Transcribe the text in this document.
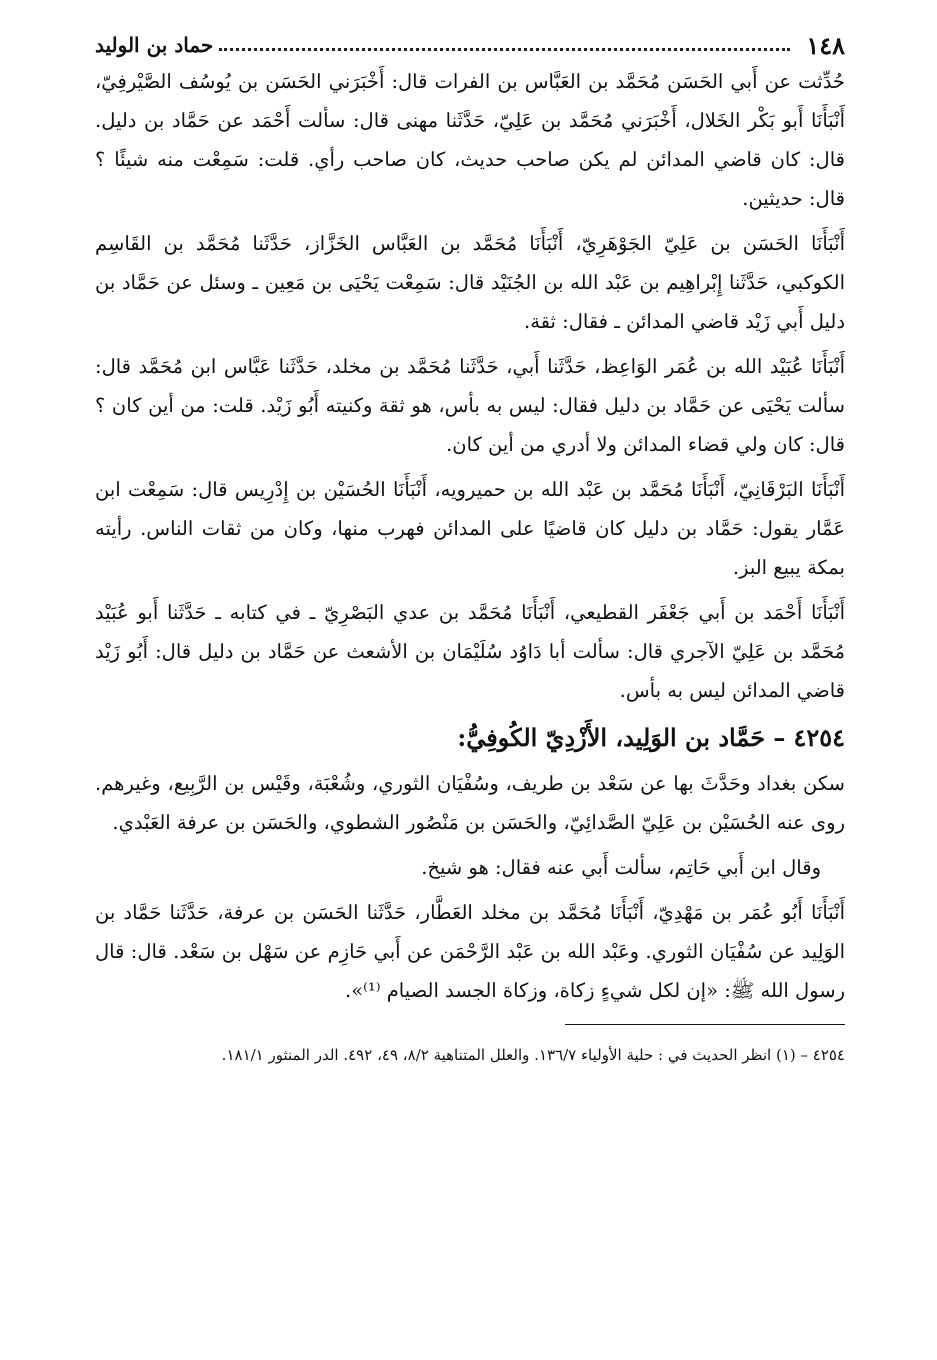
١٤٨
حماد بن الوليد

حُدِّثت عن أَبي الحَسَن مُحَمَّد بن العَبَّاس بن الفرات قال: أَخْبَرَني الحَسَن بن يُوسُف الصَّيْرفِيّ، أَنْبَأَنَا أَبو بَكْر الخَلال، أَخْبَرَني مُحَمَّد بن عَلِيّ، حَدَّثَنا مهنى قال: سألت أَحْمَد عن حَمَّاد بن دليل. قال: كان قاضي المدائن لم يكن صاحب حديث، كان صاحب رأي. قلت: سَمِعْت منه شيئًا ؟ قال: حديثين.

أَنْبَأَنَا الحَسَن بن عَلِيّ الجَوْهَرِيّ، أَنْبَأَنَا مُحَمَّد بن العَبَّاس الخَزَّاز، حَدَّثَنا مُحَمَّد بن القَاسِم الكوكبي، حَدَّثَنا إِبْراهِيم بن عَبْد الله بن الجُنَيْد قال: سَمِعْت يَحْيَى بن مَعِين ـ وسئل عن حَمَّاد بن دليل أَبي زَيْد قاضي المدائن ـ فقال: ثقة.

أَنْبَأَنَا عُبَيْد الله بن عُمَر الوَاعِظ، حَدَّثَنا أَبي، حَدَّثَنا مُحَمَّد بن مخلد، حَدَّثَنا عَبَّاس ابن مُحَمَّد قال: سألت يَحْيَى عن حَمَّاد بن دليل فقال: ليس به بأس، هو ثقة وكنيته أَبُو زَيْد. قلت: من أين كان ؟ قال: كان ولي قضاء المدائن ولا أدري من أين كان.

أَنْبَأَنَا البَرْقَانِيّ، أَنْبَأَنَا مُحَمَّد بن عَبْد الله بن حميرويه، أَنْبَأَنَا الحُسَيْن بن إِدْرِيس قال: سَمِعْت ابن عَمَّار يقول: حَمَّاد بن دليل كان قاضيًا على المدائن فهرب منها، وكان من ثقات الناس. رأيته بمكة يبيع البز.

أَنْبَأَنَا أَحْمَد بن أَبي جَعْفَر القطيعي، أَنْبَأَنَا مُحَمَّد بن عدي البَصْرِيّ ـ في كتابه ـ حَدَّثَنا أَبو عُبَيْد مُحَمَّد بن عَلِيّ الآجري قال: سألت أبا دَاوُد سُلَيْمَان بن الأشعث عن حَمَّاد بن دليل قال: أَبُو زَيْد قاضي المدائن ليس به بأس.

٤٢٥٤– حَمَّاد بن الوَلِيد، الأَزْدِيّ الكُوفِيُّ:

سكن بغداد وحَدَّثَ بها عن سَعْد بن طريف، وسُفْيَان الثوري، وشُعْبَة، وقَيْس بن الرَّبِيع، وغيرهم. روى عنه الحُسَيْن بن عَلِيّ الصَّدائِيّ، والحَسَن بن مَنْصُور الشطوي، والحَسَن بن عرفة العَبْدي.

وقال ابن أَبي حَاتِم، سألت أَبي عنه فقال: هو شيخ.

أَنْبَأَنَا أَبُو عُمَر بن مَهْدِيّ، أَنْبَأَنَا مُحَمَّد بن مخلد العَطَّار، حَدَّثَنا الحَسَن بن عرفة، حَدَّثَنا حَمَّاد بن الوَلِيد عن سُفْيَان الثوري. وعَبْد الله بن عَبْد الرَّحْمَن عن أَبي حَازِم عن سَهْل بن سَعْد. قال: قال رسول الله ﷺ: «إن لكل شيءٍ زكاة، وزكاة الجسد الصيام ⁽¹⁾».

٤٢٥٤ – (١) انظر الحديث في : حلية الأولياء ١٣٦/٧. والعلل المتناهية ٨/٢، ٤٩، ٤٩٢. الدر المنثور ١٨١/١.
